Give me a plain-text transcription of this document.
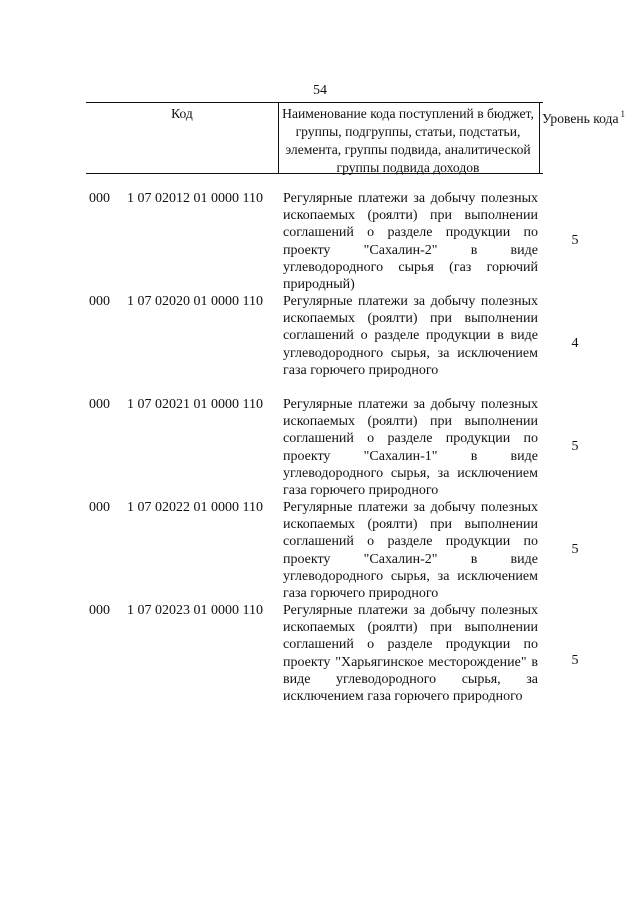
54
Код	Наименование кода поступлений в бюджет, группы, подгруппы, статьи, подстатьи, элемента, группы подвида, аналитической группы подвида доходов
Уровень кода $^1$
000 1 07 02012 01 0000 110 Регулярные платежи за добычу полезных ископаемых (роялти) при выполнении соглашений о разделе продукции по проекту "Сахалин-2" в виде углеводородного сырья (газ горючий природный)
5
000 1 07 02020 01 0000 110 Регулярные платежи за добычу полезных ископаемых (роялти) при выполнении соглашений о разделе продукции в виде углеводородного сырья, за исключением газа горючего природного
4
000 1 07 02021 01 0000 110 Регулярные платежи за добычу полезных ископаемых (роялти) при выполнении соглашений о разделе продукции по проекту "Сахалин-1" в виде углеводородного сырья, за исключением газа горючего природного
5
000 1 07 02022 01 0000 110 Регулярные платежи за добычу полезных ископаемых (роялти) при выполнении соглашений о разделе продукции по проекту "Сахалин-2" в виде углеводородного сырья, за исключением газа горючего природного
5
000 1 07 02023 01 0000 110 Регулярные платежи за добычу полезных ископаемых (роялти) при выполнении соглашений о разделе продукции по проекту "Харьягинское месторождение" в виде углеводородного сырья, за исключением газа горючего природного
5
